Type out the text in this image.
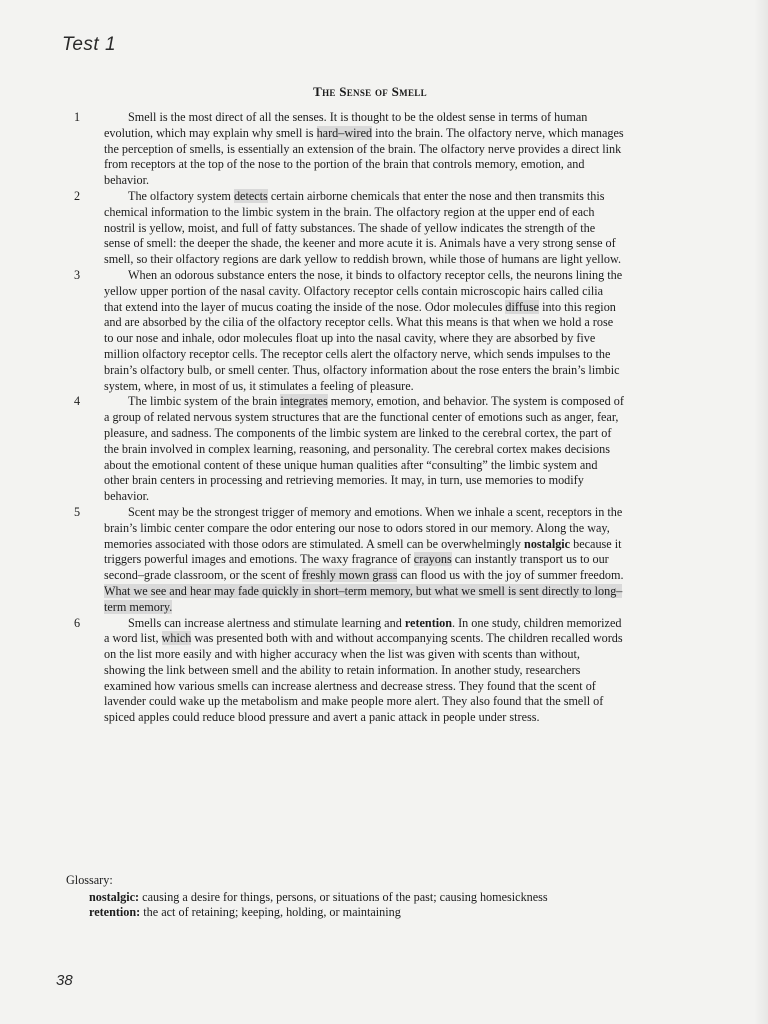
Test 1
The Sense of Smell

1	Smell is the most direct of all the senses. It is thought to be the oldest sense in terms of human evolution, which may explain why smell is hard–wired into the brain. The olfactory nerve, which manages the perception of smells, is essentially an extension of the brain. The olfactory nerve provides a direct link from receptors at the top of the nose to the portion of the brain that controls memory, emotion, and behavior.

2	The olfactory system detects certain airborne chemicals that enter the nose and then transmits this chemical information to the limbic system in the brain. The olfactory region at the upper end of each nostril is yellow, moist, and full of fatty substances. The shade of yellow indicates the strength of the sense of smell: the deeper the shade, the keener and more acute it is. Animals have a very strong sense of smell, so their olfactory regions are dark yellow to reddish brown, while those of humans are light yellow.

3	When an odorous substance enters the nose, it binds to olfactory receptor cells, the neurons lining the yellow upper portion of the nasal cavity. Olfactory receptor cells contain microscopic hairs called cilia that extend into the layer of mucus coating the inside of the nose. Odor molecules diffuse into this region and are absorbed by the cilia of the olfactory receptor cells. What this means is that when we hold a rose to our nose and inhale, odor molecules float up into the nasal cavity, where they are absorbed by five million olfactory receptor cells. The receptor cells alert the olfactory nerve, which sends impulses to the brain’s olfactory bulb, or smell center. Thus, olfactory information about the rose enters the brain’s limbic system, where, in most of us, it stimulates a feeling of pleasure.

4	The limbic system of the brain integrates memory, emotion, and behavior. The system is composed of a group of related nervous system structures that are the functional center of emotions such as anger, fear, pleasure, and sadness. The components of the limbic system are linked to the cerebral cortex, the part of the brain involved in complex learning, reasoning, and personality. The cerebral cortex makes decisions about the emotional content of these unique human qualities after “consulting” the limbic system and other brain centers in processing and retrieving memories. It may, in turn, use memories to modify behavior.

5	Scent may be the strongest trigger of memory and emotions. When we inhale a scent, receptors in the brain’s limbic center compare the odor entering our nose to odors stored in our memory. Along the way, memories associated with those odors are stimulated. A smell can be overwhelmingly nostalgic because it triggers powerful images and emotions. The waxy fragrance of crayons can instantly transport us to our second–grade classroom, or the scent of freshly mown grass can flood us with the joy of summer freedom. What we see and hear may fade quickly in short–term memory, but what we smell is sent directly to long–term memory.

6	Smells can increase alertness and stimulate learning and retention. In one study, children memorized a word list, which was presented both with and without accompanying scents. The children recalled words on the list more easily and with higher accuracy when the list was given with scents than without, showing the link between smell and the ability to retain information. In another study, researchers examined how various smells can increase alertness and decrease stress. They found that the scent of lavender could wake up the metabolism and make people more alert. They also found that the smell of spiced apples could reduce blood pressure and avert a panic attack in people under stress.

Glossary:

nostalgic: causing a desire for things, persons, or situations of the past; causing homesickness

retention: the act of retaining; keeping, holding, or maintaining

38
